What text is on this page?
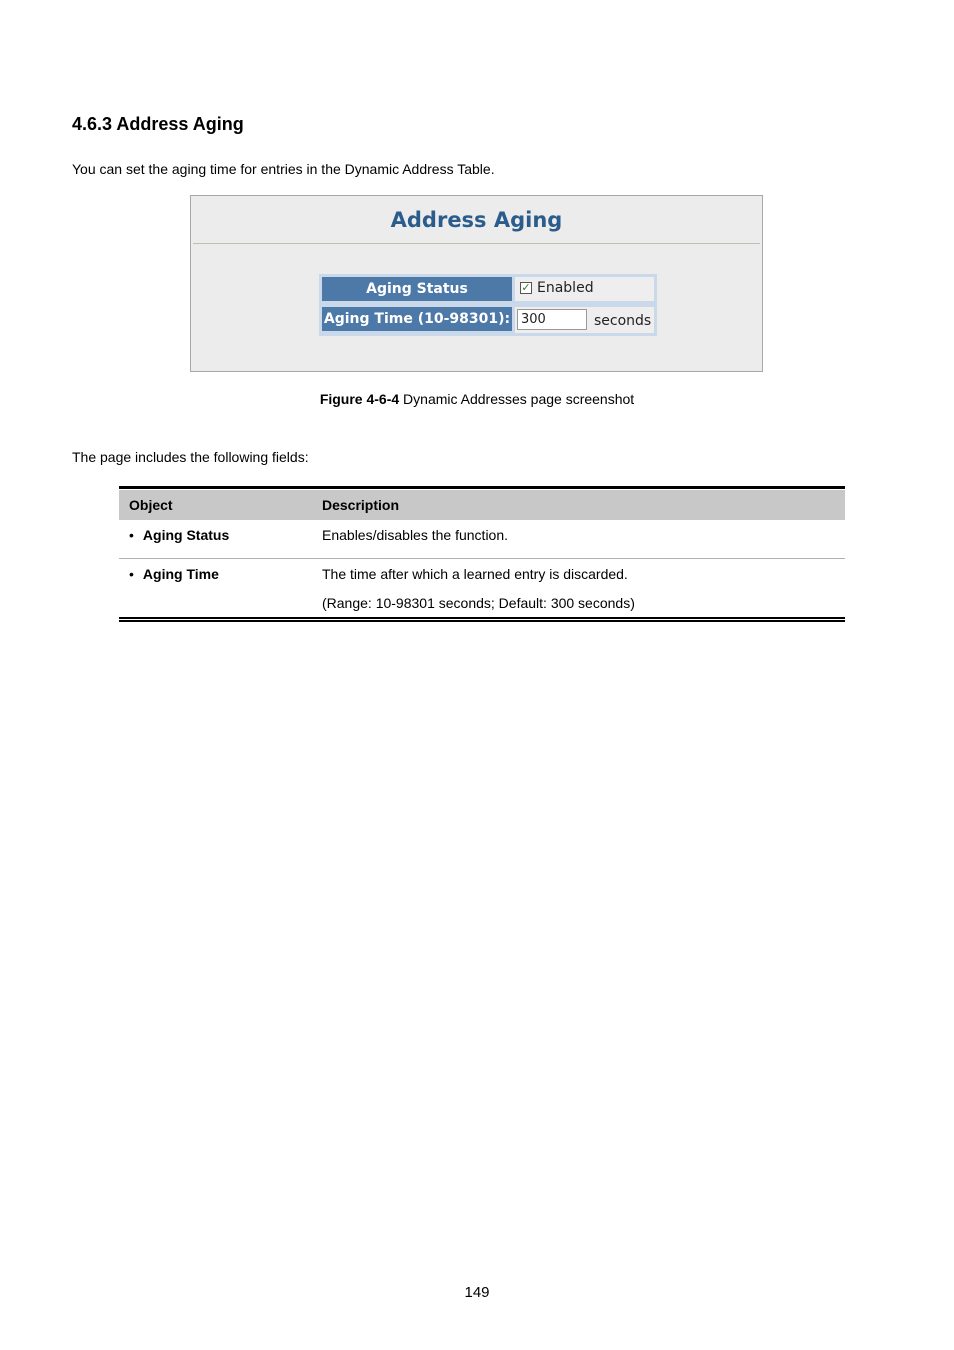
4.6.3 Address Aging
You can set the aging time for entries in the Dynamic Address Table.
Address Aging
Aging Status	✓ Enabled
Aging Time (10-98301): 300	seconds
Figure 4-6-4 Dynamic Addresses page screenshot
The page includes the following fields:
Object	Description
• Aging Status	Enables/disables the function.
• Aging Time	The time after which a learned entry is discarded.
(Range: 10-98301 seconds; Default: 300 seconds)
149
